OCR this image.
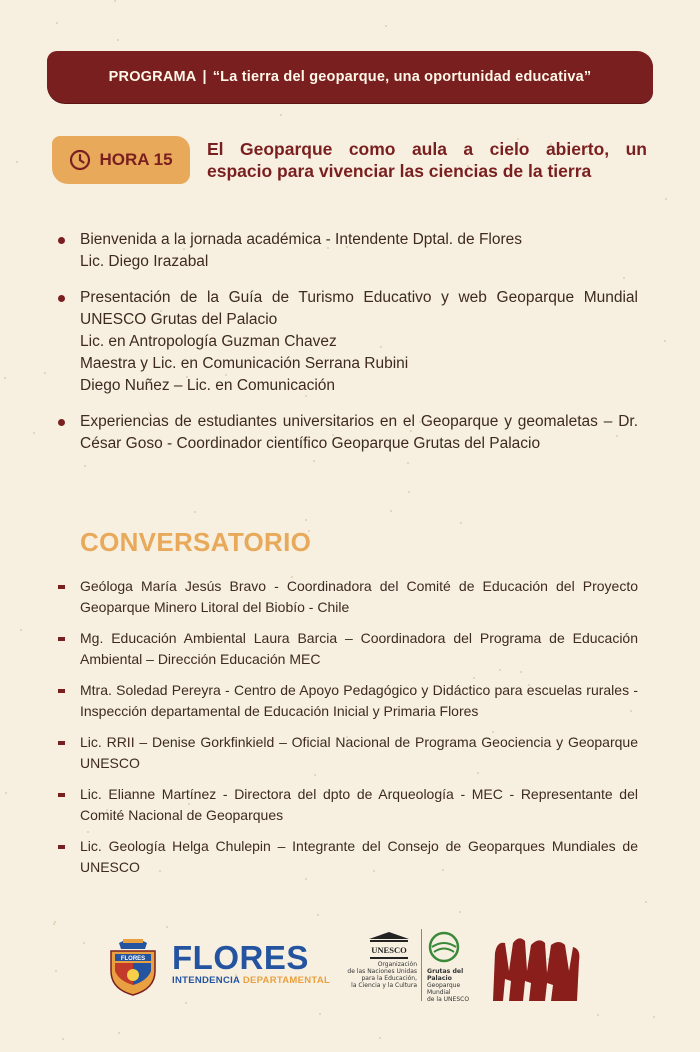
PROGRAMA | “La tierra del geoparque, una oportunidad educativa”
HORA 15
El Geoparque como aula a cielo abierto, un
espacio para vivenciar las ciencias de la tierra
Bienvenida a la jornada académica - Intendente Dptal. de Flores
Lic. Diego Irazabal
Presentación de la Guía de Turismo Educativo y web Geoparque Mundial UNESCO Grutas del Palacio
Lic. en Antropología Guzman Chavez
Maestra y Lic. en Comunicación Serrana Rubini
Diego Nuñez – Lic. en Comunicación
Experiencias de estudiantes universitarios en el Geoparque y geomaletas – Dr. César Goso - Coordinador científico Geoparque Grutas del Palacio
CONVERSATORIO
Geóloga María Jesús Bravo - Coordinadora del Comité de Educación del Proyecto Geoparque Minero Litoral del Biobío - Chile
Mg. Educación Ambiental Laura Barcia – Coordinadora del Programa de Educación Ambiental – Dirección Educación MEC
Mtra. Soledad Pereyra - Centro de Apoyo Pedagógico y Didáctico para escuelas rurales - Inspección departamental de Educación Inicial y Primaria Flores
Lic. RRII – Denise Gorkfinkield – Oficial Nacional de Programa Geociencia y Geoparque UNESCO
Lic. Elianne Martínez - Directora del dpto de Arqueología - MEC - Representante del Comité Nacional de Geoparques
Lic. Geología Helga Chulepin – Integrante del Consejo de Geoparques Mundiales de UNESCO
FLORES FLORES
INTENDENCIA DEPARTAMENTAL
UNESCO
Organización
de las Naciones Unidas
para la Educación,
la Ciencia y la Cultura
Grutas del Palacio
Geoparque
Mundial
de la UNESCO
